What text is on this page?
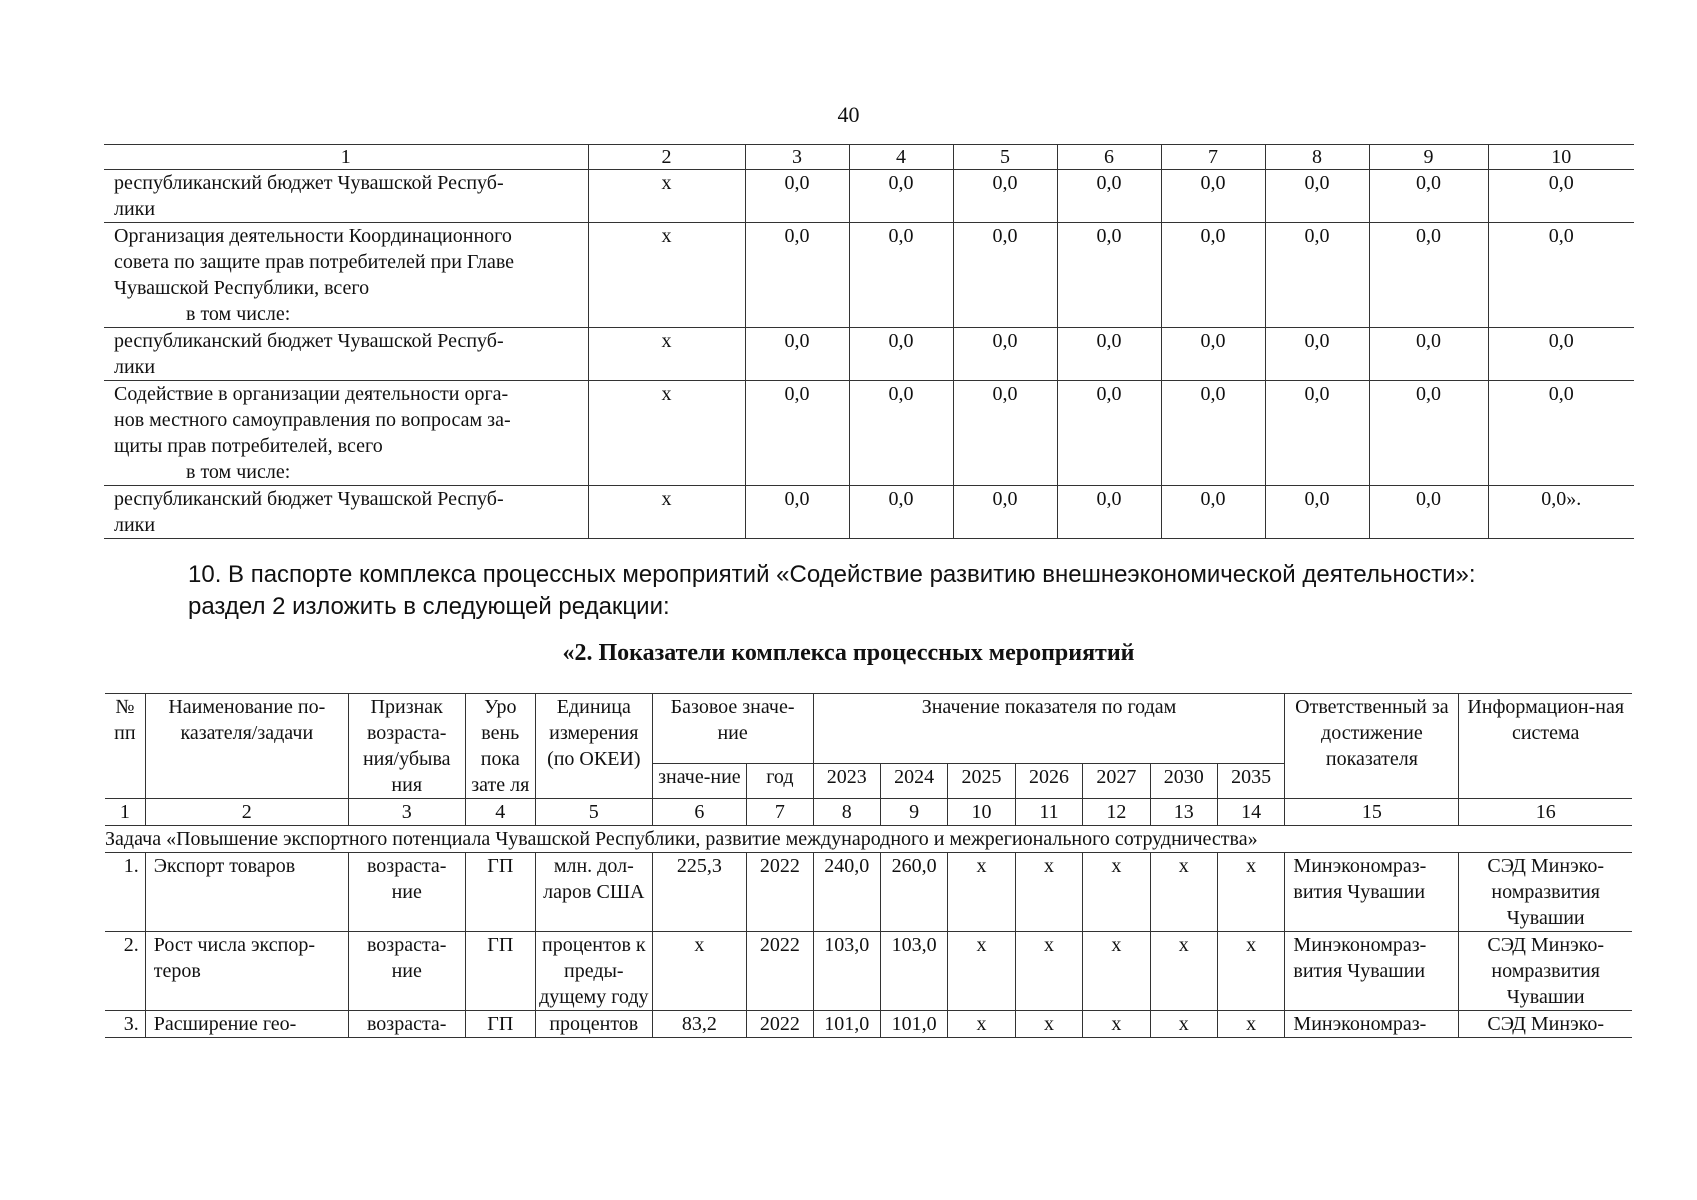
40
1	2	3	4	5	6	7	8	9	10

республиканский бюджет Чувашской Респуб-
лики	х	0,0	0,0	0,0	0,0	0,0	0,0	0,0	0,0

Организация деятельности Координационного
совета по защите прав потребителей при Главе
Чувашской Республики, всего
в том числе:	х	0,0	0,0	0,0	0,0	0,0	0,0	0,0	0,0

республиканский бюджет Чувашской Респуб-
лики	х	0,0	0,0	0,0	0,0	0,0	0,0	0,0	0,0

Содействие в организации деятельности орга-
нов местного самоуправления по вопросам за-
щиты прав потребителей, всего
в том числе:	х	0,0	0,0	0,0	0,0	0,0	0,0	0,0	0,0

республиканский бюджет Чувашской Респуб-
лики	х	0,0	0,0	0,0	0,0	0,0	0,0	0,0	0,0».
10. В паспорте комплекса процессных мероприятий «Содействие развитию внешнеэкономической деятельности»:
раздел 2 изложить в следующей редакции:
«2. Показатели комплекса процессных мероприятий
№ пп	Наименование по-казателя/задачи	Признак возраста-ния/убыва ния	Уро вень пока зате ля	Единица измерения (по ОКЕИ)	Базовое значе-ние		Значение показателя по годам							Ответственный за достижение показателя	Информацион-ная система
					значе-ние	год	2023	2024	2025	2026	2027	2030	2035		
1	2	3	4	5	6	7	8	9	10	11	12	13	14	15	16
Задача «Повышение экспортного потенциала Чувашской Республики, развитие международного и межрегионального сотрудничества»															
1.	Экспорт товаров	возраста-ние	ГП	млн. дол-ларов США	225,3	2022	240,0	260,0	х	х	х	х	х	Минэкономраз-вития Чувашии	СЭД Минэко-номразвития Чувашии
2.	Рост числа экспор-теров	возраста-ние	ГП	процентов к преды-дущему году	х	2022	103,0	103,0	х	х	х	х	х	Минэкономраз-вития Чувашии	СЭД Минэко-номразвития Чувашии
3.	Расширение гео-	возраста-	ГП	процентов	83,2	2022	101,0	101,0	х	х	х	х	х	Минэкономраз-	СЭД Минэко-
